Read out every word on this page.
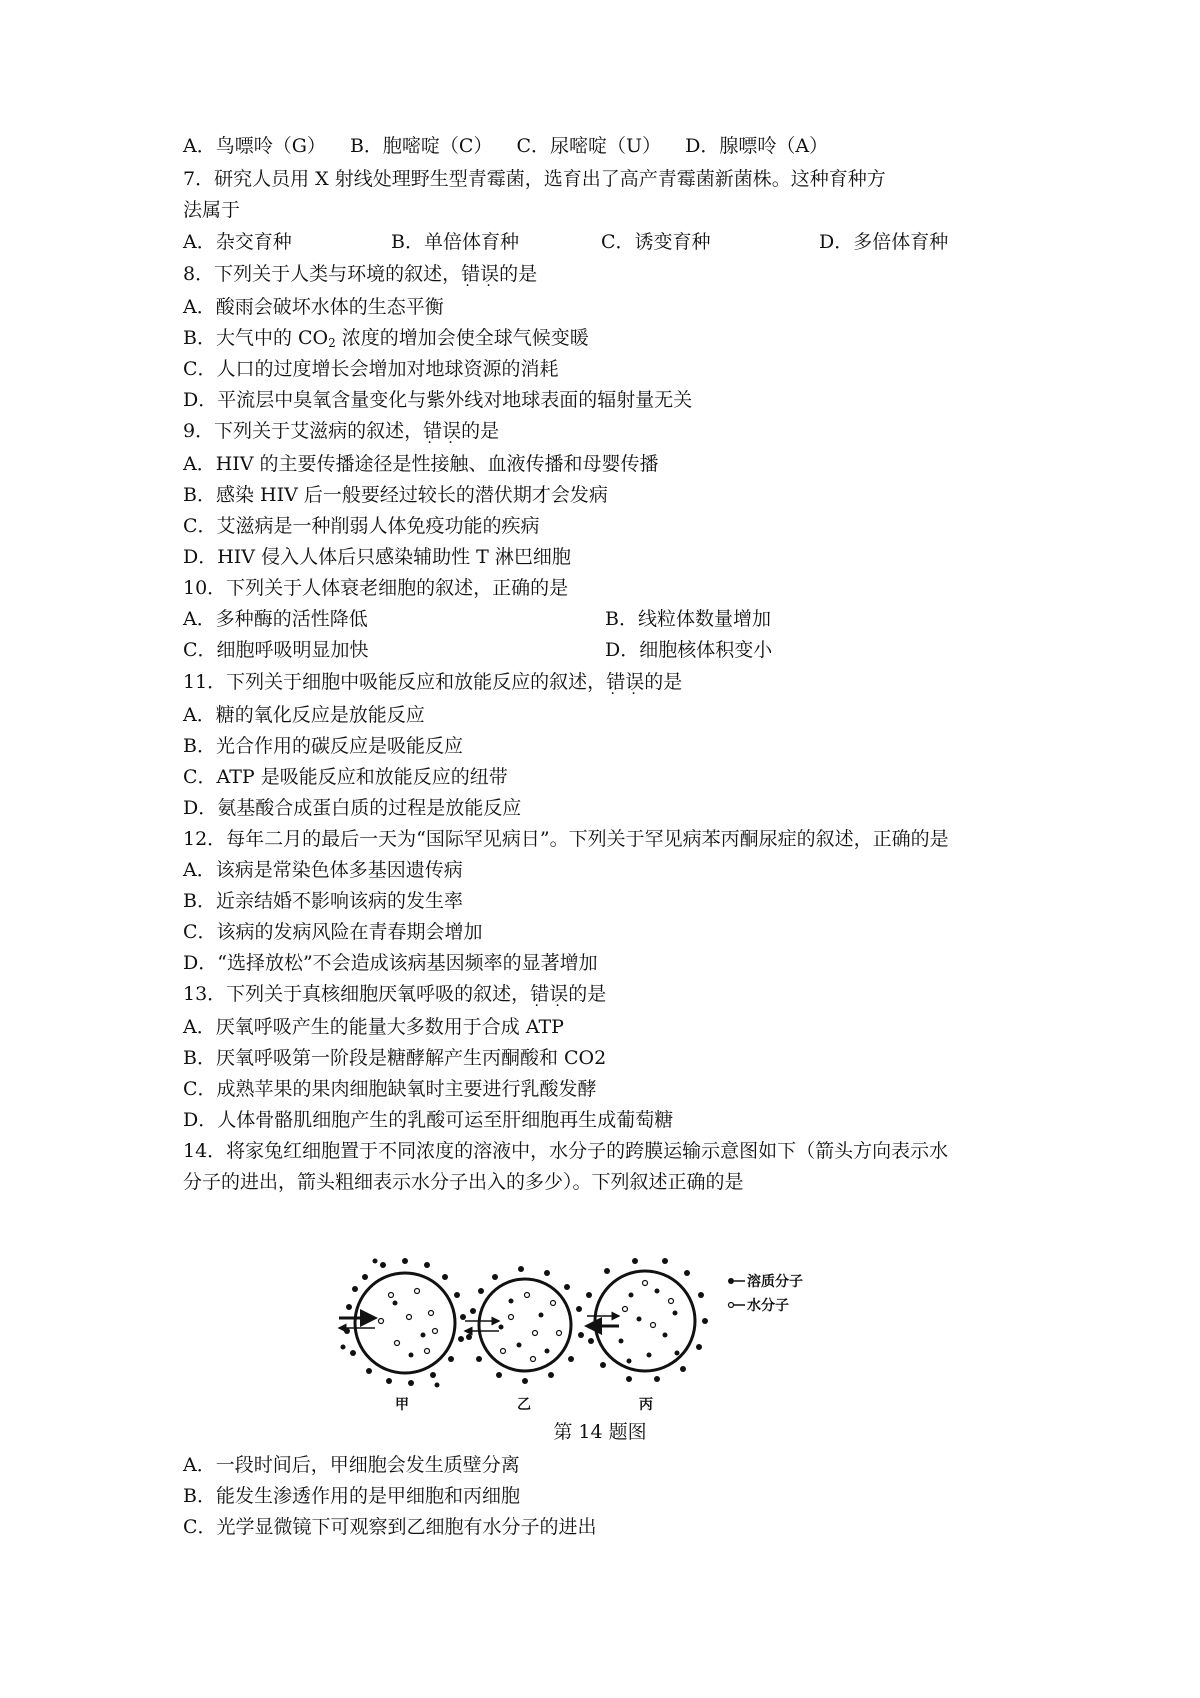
A．鸟嘌呤（G） B．胞嘧啶（C） C．尿嘧啶（U） D．腺嘌呤（A）
7．研究人员用 X 射线处理野生型青霉菌，选育出了高产青霉菌新菌株。这种育种方
法属于
A．杂交育种	B．单倍体育种	C．诱变育种	D．多倍体育种
8．下列关于人类与环境的叙述，错误 · ·的是
A．酸雨会破坏水体的生态平衡
B．大气中的 $CO_2$ 浓度的增加会使全球气候变暖
C．人口的过度增长会增加对地球资源的消耗
D．平流层中臭氧含量变化与紫外线对地球表面的辐射量无关
9．下列关于艾滋病的叙述，错误 · ·的是
A．HIV 的主要传播途径是性接触、血液传播和母婴传播
B．感染 HIV 后一般要经过较长的潜伏期才会发病
C．艾滋病是一种削弱人体免疫功能的疾病
D．HIV 侵入人体后只感染辅助性 T 淋巴细胞
10．下列关于人体衰老细胞的叙述，正确的是
A．多种酶的活性降低	B．线粒体数量增加
C．细胞呼吸明显加快	D．细胞核体积变小
11．下列关于细胞中吸能反应和放能反应的叙述，错误 · ·的是
A．糖的氧化反应是放能反应
B．光合作用的碳反应是吸能反应
C．ATP 是吸能反应和放能反应的纽带
D．氨基酸合成蛋白质的过程是放能反应
12．每年二月的最后一天为“国际罕见病日”。下列关于罕见病苯丙酮尿症的叙述，正确的是
A．该病是常染色体多基因遗传病
B．近亲结婚不影响该病的发生率
C．该病的发病风险在青春期会增加
D．“选择放松”不会造成该病基因频率的显著增加
13．下列关于真核细胞厌氧呼吸的叙述，错误 · ·的是
A．厌氧呼吸产生的能量大多数用于合成 ATP
B．厌氧呼吸第一阶段是糖酵解产生丙酮酸和 CO2
C．成熟苹果的果肉细胞缺氧时主要进行乳酸发酵
D．人体骨骼肌细胞产生的乳酸可运至肝细胞再生成葡萄糖
14．将家兔红细胞置于不同浓度的溶液中，水分子的跨膜运输示意图如下（箭头方向表示水
分子的进出，箭头粗细表示水分子出入的多少）。下列叙述正确的是
甲	乙	丙
溶质分子
水分子
第 14 题图
A．一段时间后，甲细胞会发生质壁分离
B．能发生渗透作用的是甲细胞和丙细胞
C．光学显微镜下可观察到乙细胞有水分子的进出
